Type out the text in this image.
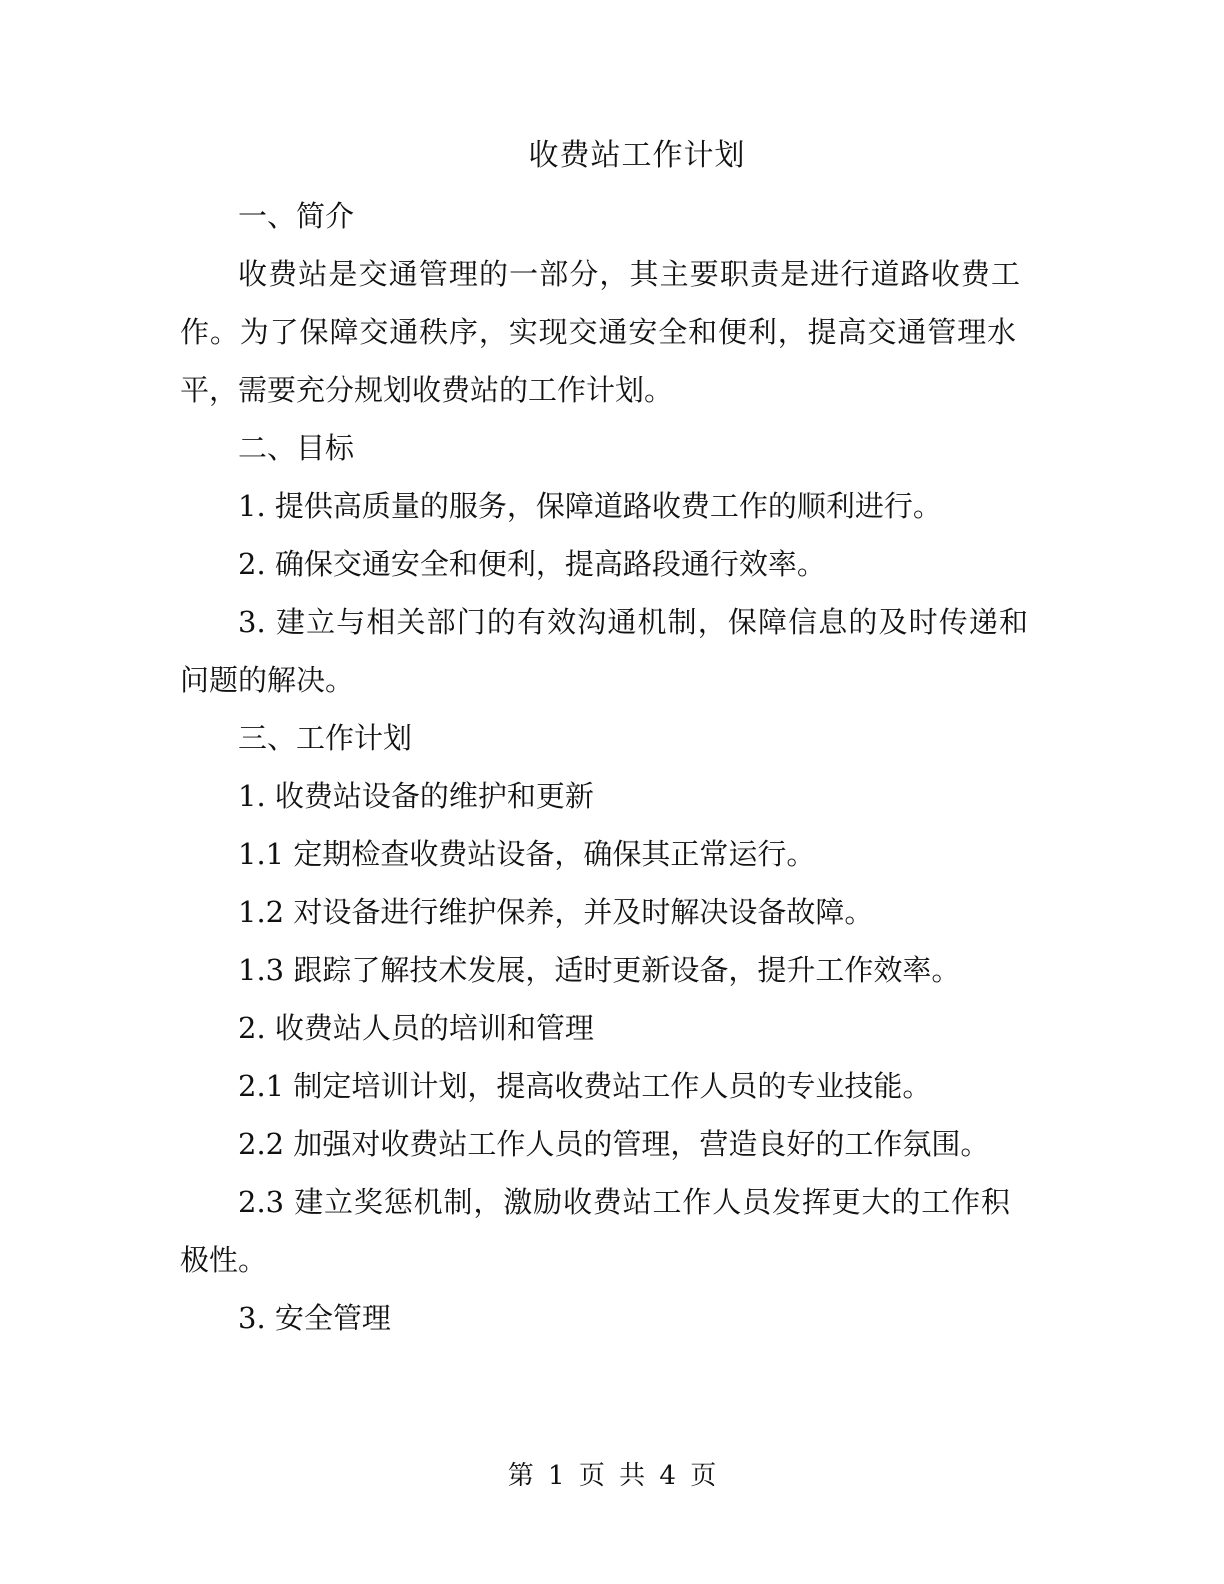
收费站工作计划

一、简介

收费站是交通管理的一部分，其主要职责是进行道路收费工

作。为了保障交通秩序，实现交通安全和便利，提高交通管理水

平，需要充分规划收费站的工作计划。

二、目标

1. 提供高质量的服务，保障道路收费工作的顺利进行。

2. 确保交通安全和便利，提高路段通行效率。

3. 建立与相关部门的有效沟通机制，保障信息的及时传递和

问题的解决。

三、工作计划

1. 收费站设备的维护和更新

1.1 定期检查收费站设备，确保其正常运行。

1.2 对设备进行维护保养，并及时解决设备故障。

1.3 跟踪了解技术发展，适时更新设备，提升工作效率。

2. 收费站人员的培训和管理

2.1 制定培训计划，提高收费站工作人员的专业技能。

2.2 加强对收费站工作人员的管理，营造良好的工作氛围。

2.3 建立奖惩机制，激励收费站工作人员发挥更大的工作积

极性。

3. 安全管理

第 1 页 共 4 页
